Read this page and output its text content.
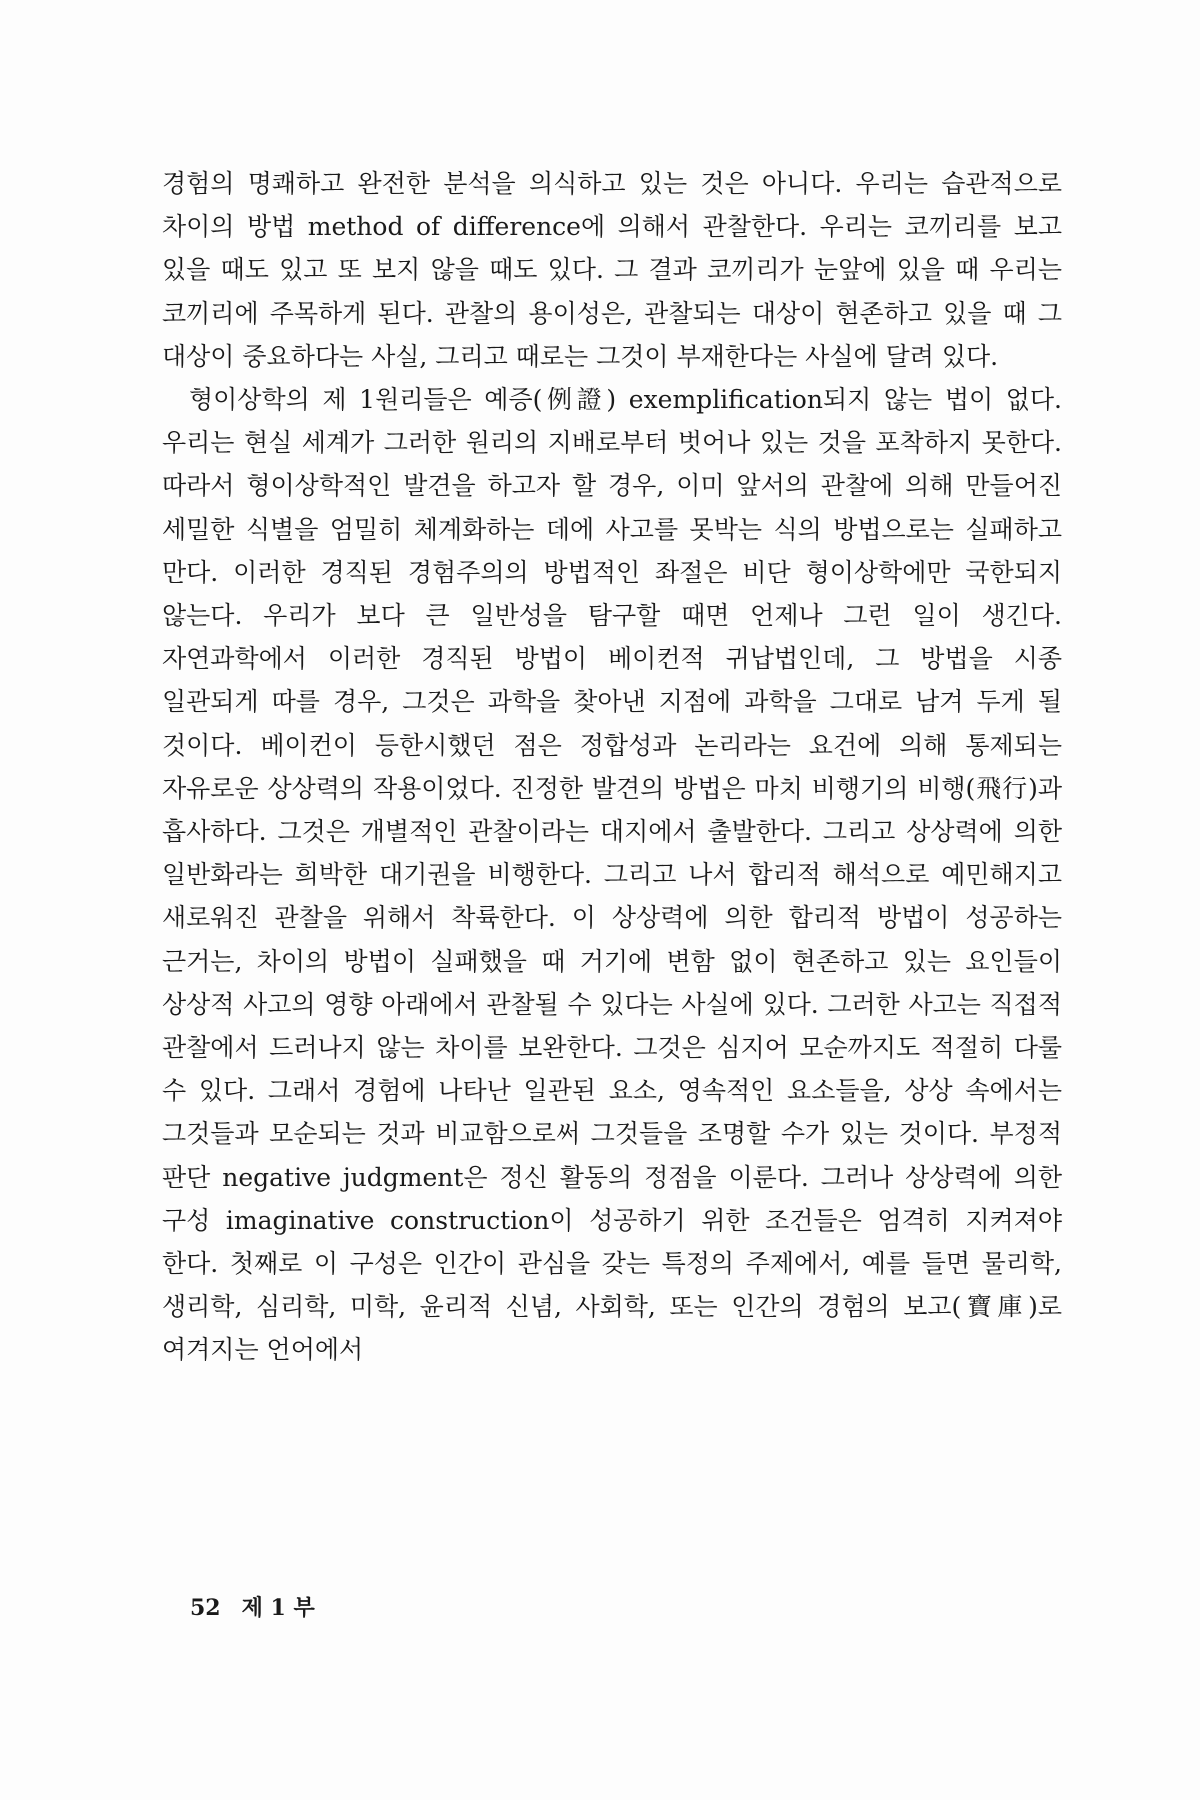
경험의 명쾌하고 완전한 분석을 의식하고 있는 것은 아니다. 우리는 습관적으로 차이의 방법 method of difference에 의해서 관찰한다. 우리는 코끼리를 보고 있을 때도 있고 또 보지 않을 때도 있다. 그 결과 코끼리가 눈앞에 있을 때 우리는 코끼리에 주목하게 된다. 관찰의 용이성은, 관찰되는 대상이 현존하고 있을 때 그 대상이 중요하다는 사실, 그리고 때로는 그것이 부재한다는 사실에 달려 있다.

형이상학의 제 1원리들은 예증(例證) exemplification되지 않는 법이 없다. 우리는 현실 세계가 그러한 원리의 지배로부터 벗어나 있는 것을 포착하지 못한다. 따라서 형이상학적인 발견을 하고자 할 경우, 이미 앞서의 관찰에 의해 만들어진 세밀한 식별을 엄밀히 체계화하는 데에 사고를 못박는 식의 방법으로는 실패하고 만다. 이러한 경직된 경험주의의 방법적인 좌절은 비단 형이상학에만 국한되지 않는다. 우리가 보다 큰 일반성을 탐구할 때면 언제나 그런 일이 생긴다. 자연과학에서 이러한 경직된 방법이 베이컨적 귀납법인데, 그 방법을 시종 일관되게 따를 경우, 그것은 과학을 찾아낸 지점에 과학을 그대로 남겨 두게 될 것이다. 베이컨이 등한시했던 점은 정합성과 논리라는 요건에 의해 통제되는 자유로운 상상력의 작용이었다. 진정한 발견의 방법은 마치 비행기의 비행(飛行)과 흡사하다. 그것은 개별적인 관찰이라는 대지에서 출발한다. 그리고 상상력에 의한 일반화라는 희박한 대기권을 비행한다. 그리고 나서 합리적 해석으로 예민해지고 새로워진 관찰을 위해서 착륙한다. 이 상상력에 의한 합리적 방법이 성공하는 근거는, 차이의 방법이 실패했을 때 거기에 변함 없이 현존하고 있는 요인들이 상상적 사고의 영향 아래에서 관찰될 수 있다는 사실에 있다. 그러한 사고는 직접적 관찰에서 드러나지 않는 차이를 보완한다. 그것은 심지어 모순까지도 적절히 다룰 수 있다. 그래서 경험에 나타난 일관된 요소, 영속적인 요소들을, 상상 속에서는 그것들과 모순되는 것과 비교함으로써 그것들을 조명할 수가 있는 것이다. 부정적 판단 negative judgment은 정신 활동의 정점을 이룬다. 그러나 상상력에 의한 구성 imaginative construction이 성공하기 위한 조건들은 엄격히 지켜져야 한다. 첫째로 이 구성은 인간이 관심을 갖는 특정의 주제에서, 예를 들면 물리학, 생리학, 심리학, 미학, 윤리적 신념, 사회학, 또는 인간의 경험의 보고(寶庫)로 여겨지는 언어에서

52 제 1 부
